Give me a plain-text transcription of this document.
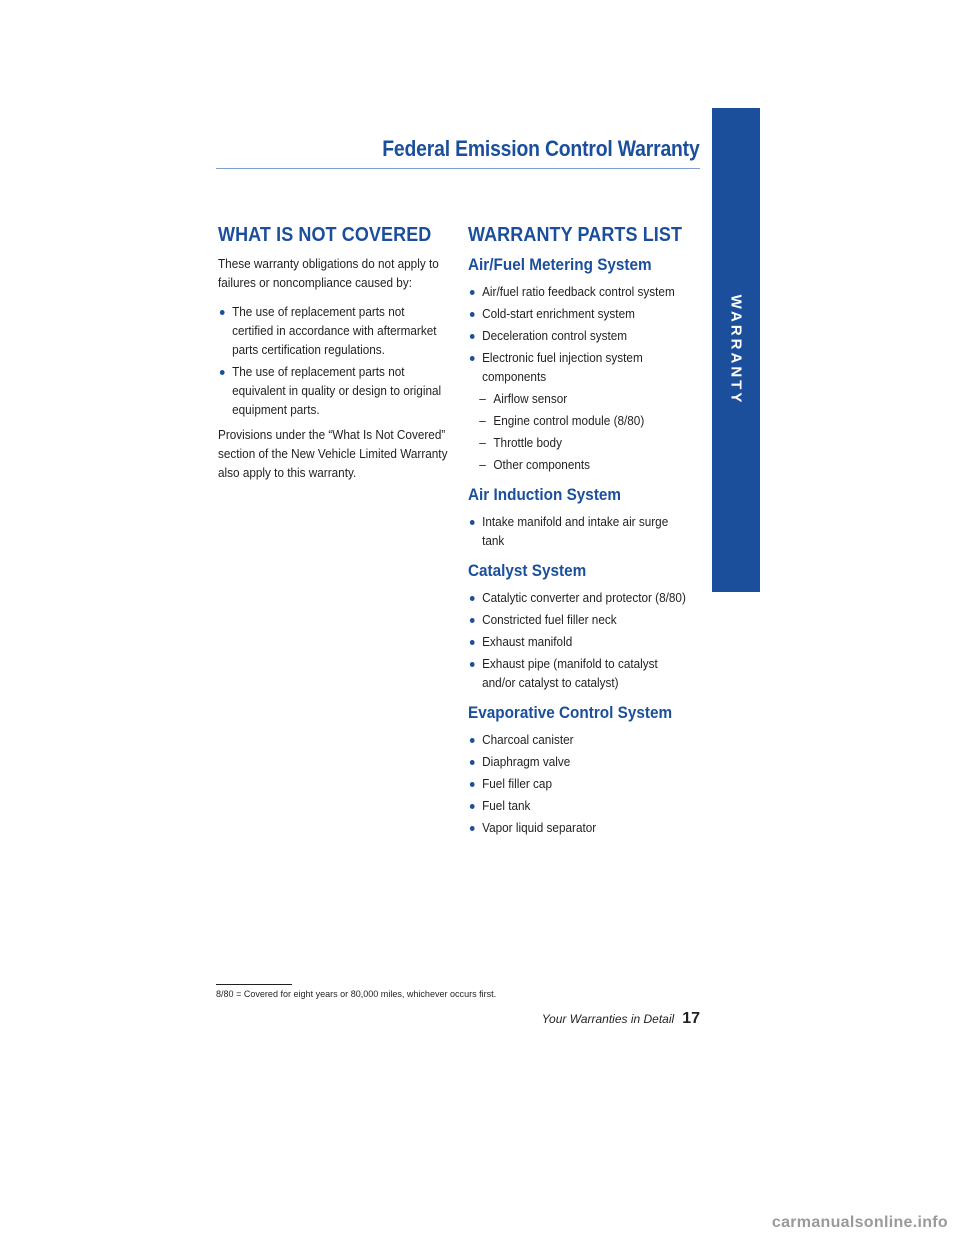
WARRANTY
Federal Emission Control Warranty
WHAT IS NOT COVERED

These warranty obligations do not apply to failures or noncompliance caused by:

The use of replacement parts not certified in accordance with aftermarket parts certification regulations.
The use of replacement parts not equivalent in quality or design to original equipment parts.

Provisions under the “What Is Not Covered” section of the New Vehicle Limited Warranty also apply to this warranty.

WARRANTY PARTS LIST
Air/Fuel Metering System
Air/fuel ratio feedback control system
Cold-start enrichment system
Deceleration control system
Electronic fuel injection system components
– Airflow sensor
– Engine control module (8/80)
– Throttle body
– Other components
Air Induction System
Intake manifold and intake air surge tank
Catalyst System
Catalytic converter and protector (8/80)
Constricted fuel filler neck
Exhaust manifold
Exhaust pipe (manifold to catalyst and/or catalyst to catalyst)
Evaporative Control System
Charcoal canister
Diaphragm valve
Fuel filler cap
Fuel tank
Vapor liquid separator
8/80 = Covered for eight years or 80,000 miles, whichever occurs first.
Your Warranties in Detail 17
carmanualsonline.info
